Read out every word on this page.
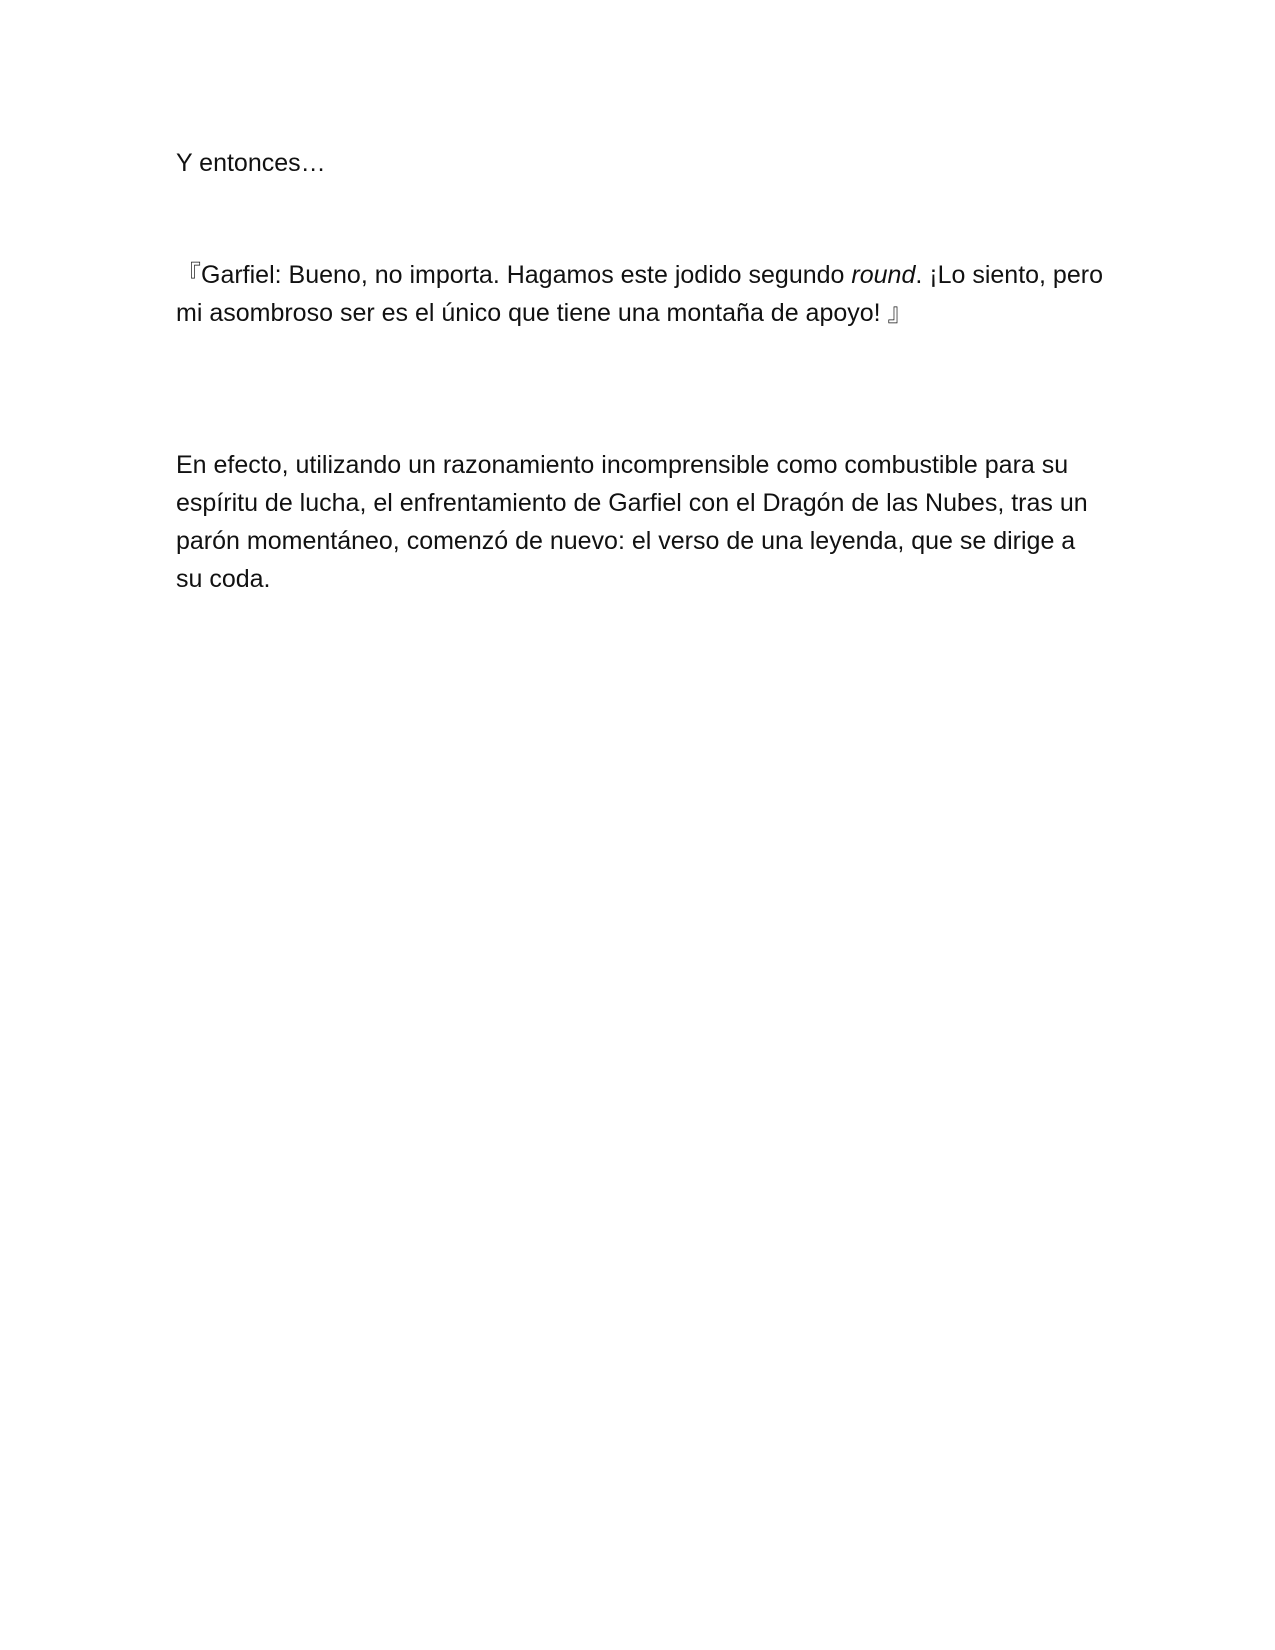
Y entonces…

『Garfiel: Bueno, no importa. Hagamos este jodido segundo round. ¡Lo siento, pero mi asombroso ser es el único que tiene una montaña de apoyo! 』

En efecto, utilizando un razonamiento incomprensible como combustible para su espíritu de lucha, el enfrentamiento de Garfiel con el Dragón de las Nubes, tras un parón momentáneo, comenzó de nuevo: el verso de una leyenda, que se dirige a su coda.
